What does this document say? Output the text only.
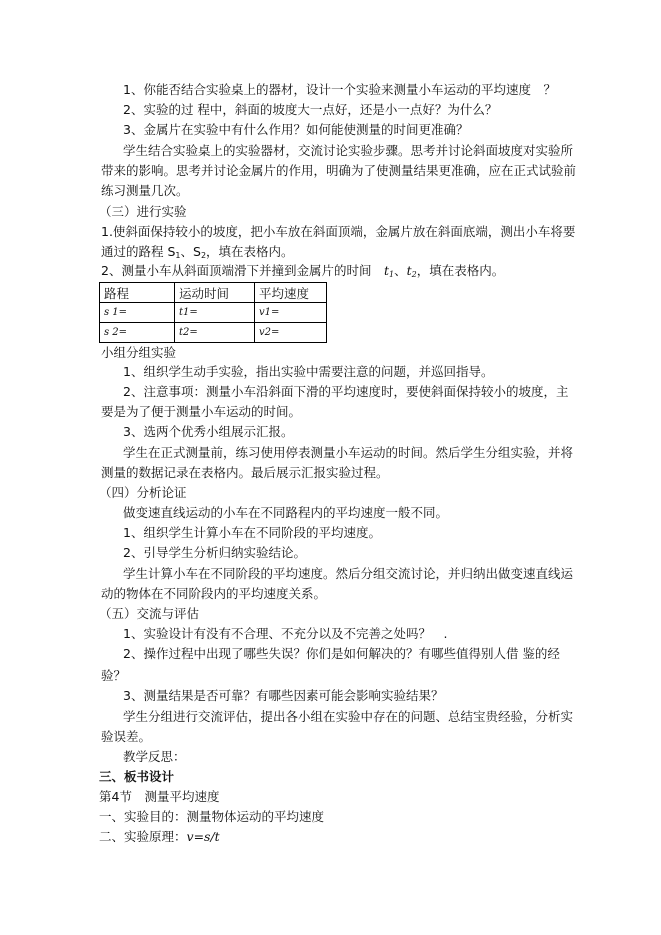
1、你能否结合实验桌上的器材，设计一个实验来测量小车运动的平均速度　？
2、实验的过 程中，斜面的坡度大一点好，还是小一点好？为什么？
3、金属片在实验中有什么作用？如何能使测量的时间更准确？
学生结合实验桌上的实验器材，交流讨论实验步骤。思考并讨论斜面坡度对实验所
带来的影响。思考并讨论金属片的作用，明确为了使测量结果更准确，应在正式试验前
练习测量几次。
（三）进行实验
1.使斜面保持较小的坡度，把小车放在斜面顶端，金属片放在斜面底端，测出小车将要
通过的路程 $S_1$、$S_2$，填在表格内。
2、测量小车从斜面顶端滑下并撞到金属片的时间　$t_1$、$t_2$，填在表格内。
路程	运动时间	平均速度
s 1=	t1=	v1=
s 2=	t2=	v2=
小组分组实验
1、组织学生动手实验，指出实验中需要注意的问题，并巡回指导。
2、注意事项：测量小车沿斜面下滑的平均速度时，要使斜面保持较小的坡度，主
要是为了便于测量小车运动的时间。
3、选两个优秀小组展示汇报。
学生在正式测量前，练习使用停表测量小车运动的时间。然后学生分组实验，并将
测量的数据记录在表格内。最后展示汇报实验过程。
（四）分析论证
做变速直线运动的小车在不同路程内的平均速度一般不同。
1、组织学生计算小车在不同阶段的平均速度。
2、引导学生分析归纳实验结论。
学生计算小车在不同阶段的平均速度。然后分组交流讨论，并归纳出做变速直线运
动的物体在不同阶段内的平均速度关系。
（五）交流与评估
1、实验设计有没有不合理、不充分以及不完善之处吗？　.
2、操作过程中出现了哪些失误？你们是如何解决的？有哪些值得别人借 鉴的经
验？
3、测量结果是否可靠？有哪些因素可能会影响实验结果？
学生分组进行交流评估，提出各小组在实验中存在的问题、总结宝贵经验，分析实
验误差。
教学反思：
三、板书设计
第4节　测量平均速度
一、实验目的：测量物体运动的平均速度
二、实验原理：v=s/t
